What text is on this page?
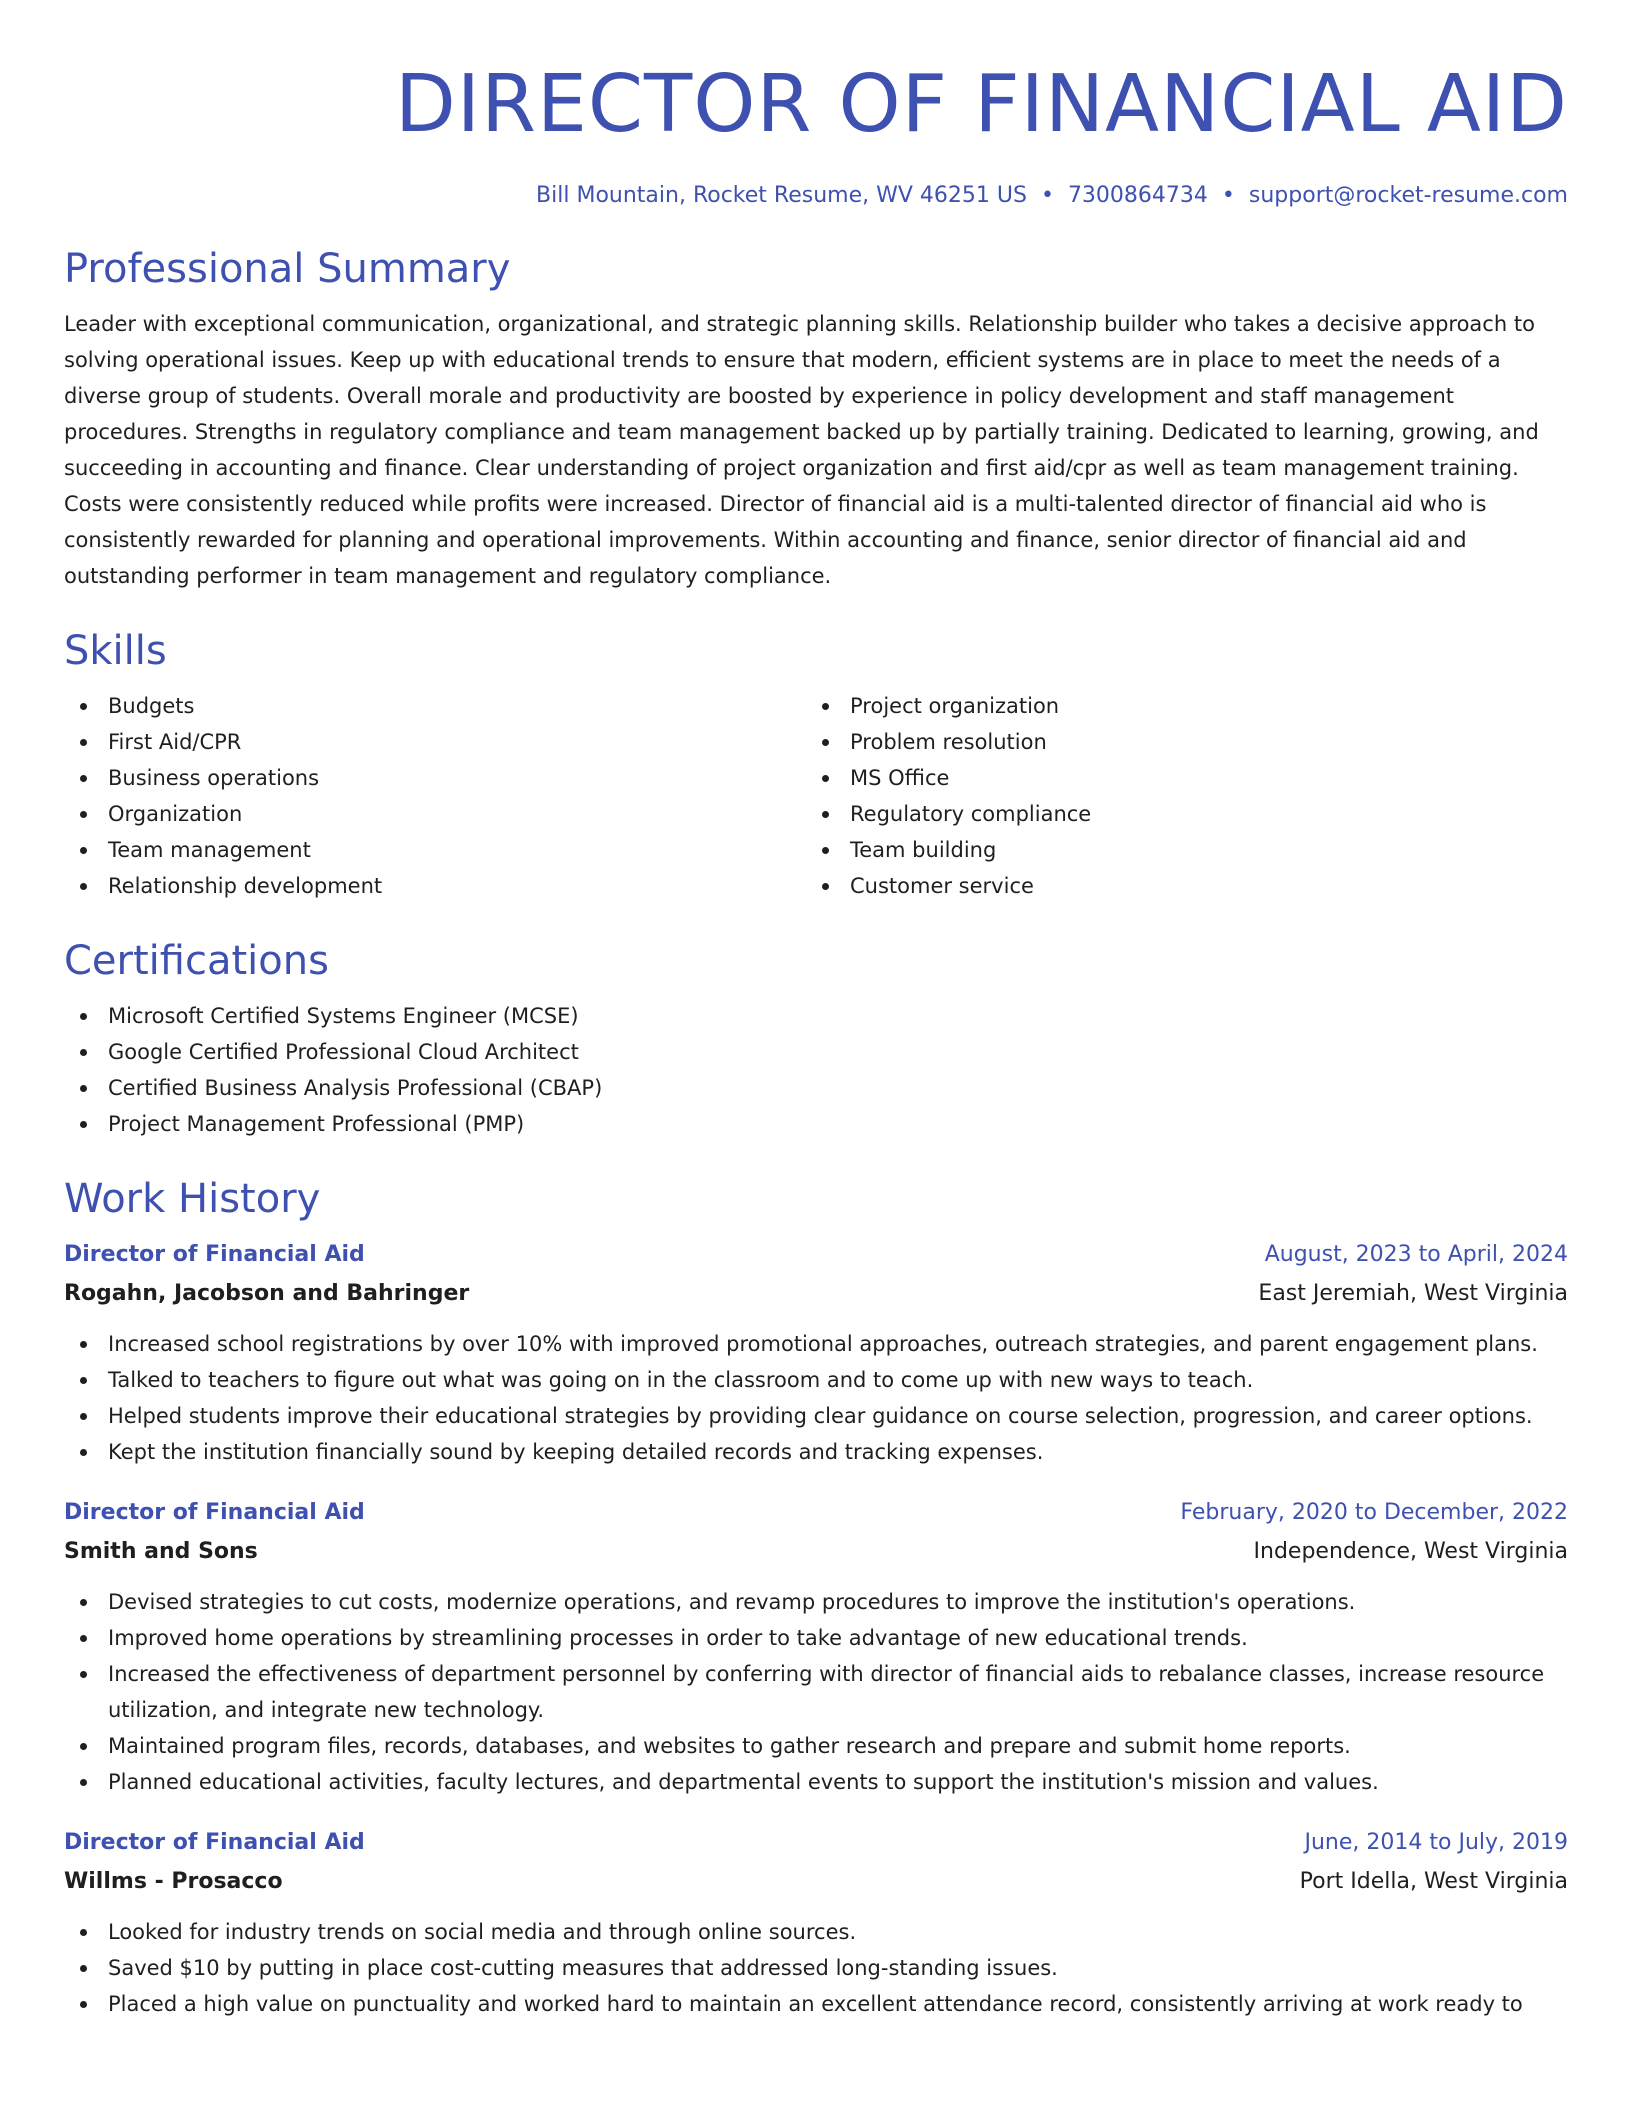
DIRECTOR OF FINANCIAL AID
Bill Mountain, Rocket Resume, WV 46251 US • 7300864734 • support@rocket-resume.com
Professional Summary

Leader with exceptional communication, organizational, and strategic planning skills. Relationship builder who takes a decisive approach to solving operational issues. Keep up with educational trends to ensure that modern, efficient systems are in place to meet the needs of a diverse group of students. Overall morale and productivity are boosted by experience in policy development and staff management procedures. Strengths in regulatory compliance and team management backed up by partially training. Dedicated to learning, growing, and succeeding in accounting and finance. Clear understanding of project organization and first aid/cpr as well as team management training. Costs were consistently reduced while profits were increased. Director of financial aid is a multi-talented director of financial aid who is consistently rewarded for planning and operational improvements. Within accounting and finance, senior director of financial aid and outstanding performer in team management and regulatory compliance.

Skills
Budgets
First Aid/CPR
Business operations
Organization
Team management
Relationship development
Project organization
Problem resolution
MS Office
Regulatory compliance
Team building
Customer service
Certifications
Microsoft Certified Systems Engineer (MCSE)
Google Certified Professional Cloud Architect
Certified Business Analysis Professional (CBAP)
Project Management Professional (PMP)
Work History
Director of Financial Aid	August, 2023 to April, 2024
Rogahn, Jacobson and Bahringer	East Jeremiah, West Virginia
Increased school registrations by over 10% with improved promotional approaches, outreach strategies, and parent engagement plans.
Talked to teachers to figure out what was going on in the classroom and to come up with new ways to teach.
Helped students improve their educational strategies by providing clear guidance on course selection, progression, and career options.
Kept the institution financially sound by keeping detailed records and tracking expenses.
Director of Financial Aid	February, 2020 to December, 2022
Smith and Sons	Independence, West Virginia
Devised strategies to cut costs, modernize operations, and revamp procedures to improve the institution's operations.
Improved home operations by streamlining processes in order to take advantage of new educational trends.
Increased the effectiveness of department personnel by conferring with director of financial aids to rebalance classes, increase resource utilization, and integrate new technology.
Maintained program files, records, databases, and websites to gather research and prepare and submit home reports.
Planned educational activities, faculty lectures, and departmental events to support the institution's mission and values.
Director of Financial Aid	June, 2014 to July, 2019
Willms - Prosacco	Port Idella, West Virginia
Looked for industry trends on social media and through online sources.
Saved $10 by putting in place cost-cutting measures that addressed long-standing issues.
Placed a high value on punctuality and worked hard to maintain an excellent attendance record, consistently arriving at work ready to
